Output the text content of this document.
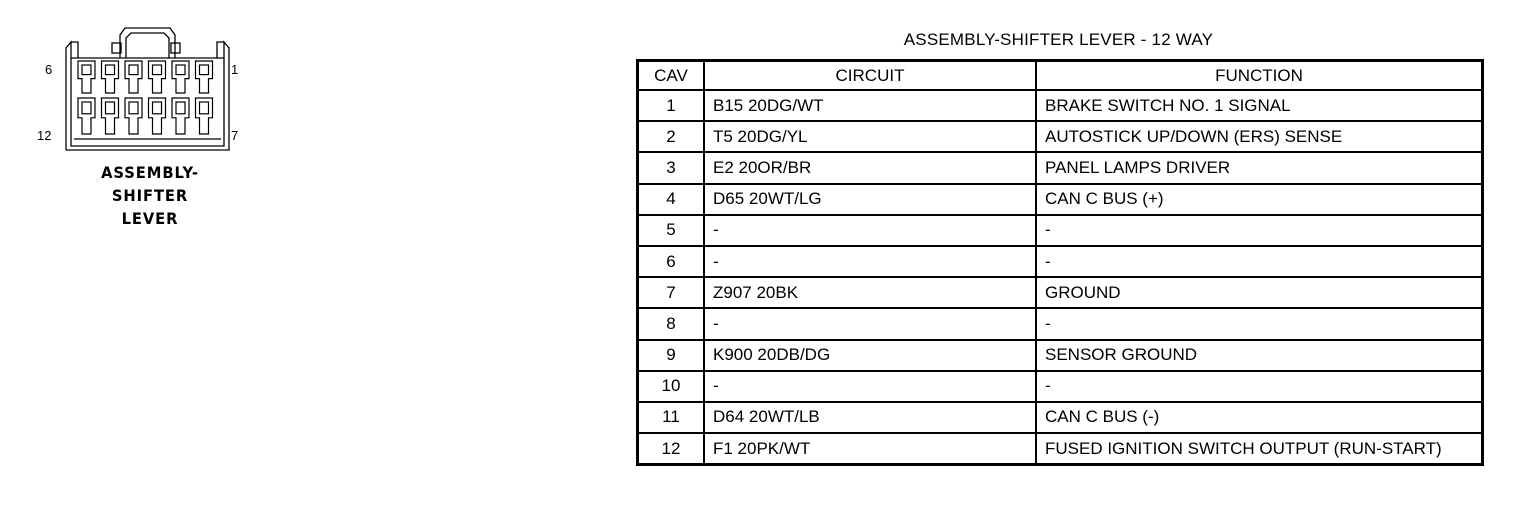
6	1
12	7
ASSEMBLY-
SHIFTER
LEVER
ASSEMBLY-SHIFTER LEVER - 12 WAY
CAV	CIRCUIT	FUNCTION
1	B15 20DG/WT	BRAKE SWITCH NO. 1 SIGNAL
2	T5 20DG/YL	AUTOSTICK UP/DOWN (ERS) SENSE
3	E2 20OR/BR	PANEL LAMPS DRIVER
4	D65 20WT/LG	CAN C BUS (+)
5	-	-
6	-	-
7	Z907 20BK	GROUND
8	-	-
9	K900 20DB/DG	SENSOR GROUND
10	-	-
11	D64 20WT/LB	CAN C BUS (-)
12	F1 20PK/WT	FUSED IGNITION SWITCH OUTPUT (RUN-START)
